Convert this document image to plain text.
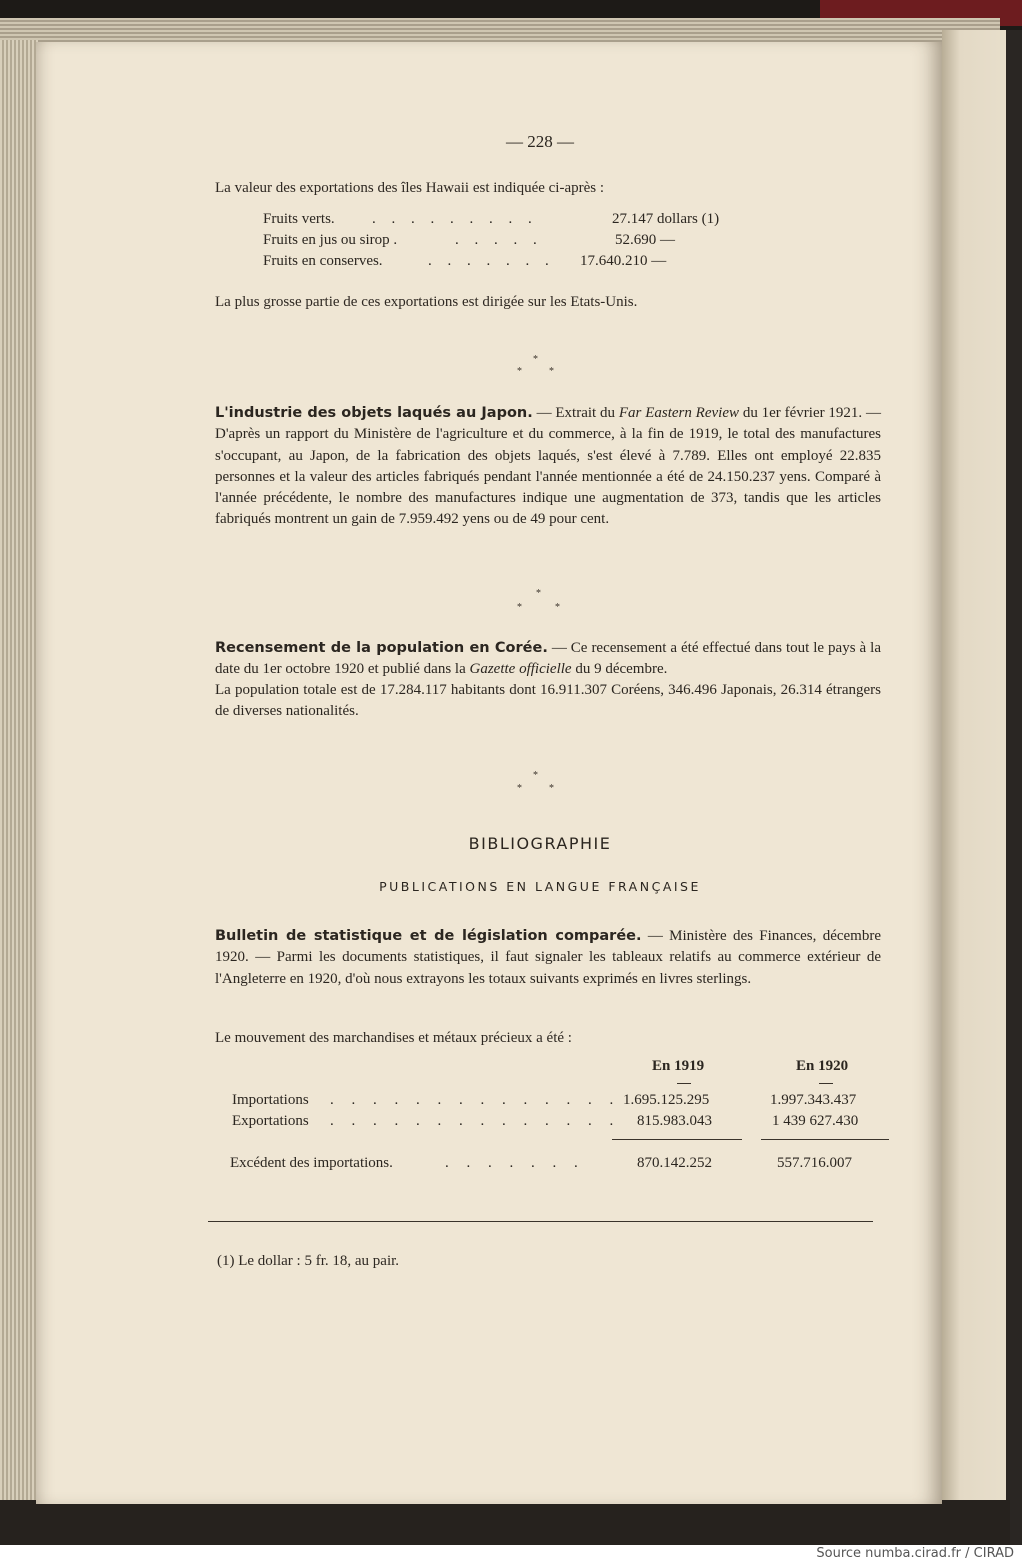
— 228 —
La valeur des exportations des îles Hawaii est indiquée ci-après :
Fruits verts. . . . . . . . . .	27.147 dollars (1)
Fruits en jus ou sirop .	. . . . .	52.690 —
Fruits en conserves.	. . . . . . . 17.640.210 —
La plus grosse partie de ces exportations est dirigée sur les Etats-Unis.
*
*	*
L'industrie des objets laqués au Japon. — Extrait du Far Eastern Review du 1er février 1921. — D'après un rapport du Ministère de l'agriculture et du commerce, à la fin de 1919, le total des manufactures s'occupant, au Japon, de la fabrication des objets laqués, s'est élevé à 7.789. Elles ont employé 22.835 personnes et la valeur des articles fabriqués pendant l'année mentionnée a été de 24.150.237 yens. Comparé à l'année précédente, le nombre des manufactures indique une augmentation de 373, tandis que les articles fabriqués montrent un gain de 7.959.492 yens ou de 49 pour cent.
*
*	*
Recensement de la population en Corée. — Ce recensement a été effectué dans tout le pays à la date du 1er octobre 1920 et publié dans la Gazette officielle du 9 décembre.
La population totale est de 17.284.117 habitants dont 16.911.307 Coréens, 346.496 Japonais, 26.314 étrangers de diverses nationalités.
*
*	*
BIBLIOGRAPHIE
PUBLICATIONS EN LANGUE FRANÇAISE
Bulletin de statistique et de législation comparée. — Ministère des Finances, décembre 1920. — Parmi les documents statistiques, il faut signaler les tableaux relatifs au commerce extérieur de l'Angleterre en 1920, d'où nous extrayons les totaux suivants exprimés en livres sterlings.
Le mouvement des marchandises et métaux précieux a été :
En 1919	En 1920
Importations . . . . . . . . . . . . . . 1.695.125.295	1.997.343.437
Exportations . . . . . . . . . . . . . . 815.983.043	1 439 627.430
Excédent des importations.	. . . . . . .	870.142.252	557.716.007
(1) Le dollar : 5 fr. 18, au pair.
Source numba.cirad.fr / CIRAD
